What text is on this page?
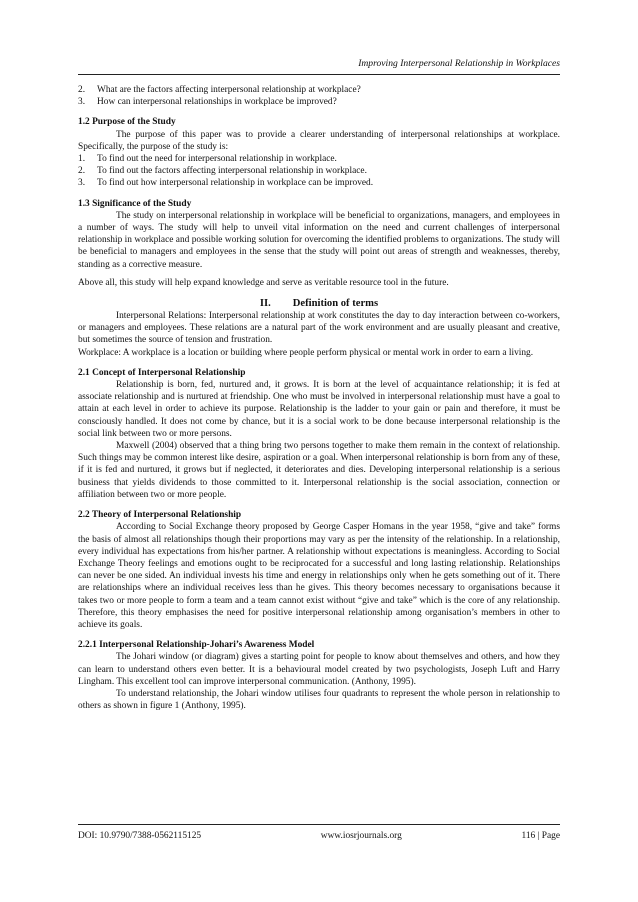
Improving Interpersonal Relationship in Workplaces
2. What are the factors affecting interpersonal relationship at workplace?
3. How can interpersonal relationships in workplace be improved?

1.2 Purpose of the Study

The purpose of this paper was to provide a clearer understanding of interpersonal relationships at workplace. Specifically, the purpose of the study is:

1. To find out the need for interpersonal relationship in workplace.
2. To find out the factors affecting interpersonal relationship in workplace.
3. To find out how interpersonal relationship in workplace can be improved.

1.3 Significance of the Study

The study on interpersonal relationship in workplace will be beneficial to organizations, managers, and employees in a number of ways. The study will help to unveil vital information on the need and current challenges of interpersonal relationship in workplace and possible working solution for overcoming the identified problems to organizations. The study will be beneficial to managers and employees in the sense that the study will point out areas of strength and weaknesses, thereby, standing as a corrective measure.

Above all, this study will help expand knowledge and serve as veritable resource tool in the future.

II. Definition of terms

Interpersonal Relations: Interpersonal relationship at work constitutes the day to day interaction between co-workers, or managers and employees. These relations are a natural part of the work environment and are usually pleasant and creative, but sometimes the source of tension and frustration.

Workplace: A workplace is a location or building where people perform physical or mental work in order to earn a living.

2.1 Concept of Interpersonal Relationship

Relationship is born, fed, nurtured and, it grows. It is born at the level of acquaintance relationship; it is fed at associate relationship and is nurtured at friendship. One who must be involved in interpersonal relationship must have a goal to attain at each level in order to achieve its purpose. Relationship is the ladder to your gain or pain and therefore, it must be consciously handled. It does not come by chance, but it is a social work to be done because interpersonal relationship is the social link between two or more persons.

Maxwell (2004) observed that a thing bring two persons together to make them remain in the context of relationship. Such things may be common interest like desire, aspiration or a goal. When interpersonal relationship is born from any of these, if it is fed and nurtured, it grows but if neglected, it deteriorates and dies. Developing interpersonal relationship is a serious business that yields dividends to those committed to it. Interpersonal relationship is the social association, connection or affiliation between two or more people.

2.2 Theory of Interpersonal Relationship

According to Social Exchange theory proposed by George Casper Homans in the year 1958, “give and take” forms the basis of almost all relationships though their proportions may vary as per the intensity of the relationship. In a relationship, every individual has expectations from his/her partner. A relationship without expectations is meaningless. According to Social Exchange Theory feelings and emotions ought to be reciprocated for a successful and long lasting relationship. Relationships can never be one sided. An individual invests his time and energy in relationships only when he gets something out of it. There are relationships where an individual receives less than he gives. This theory becomes necessary to organisations because it takes two or more people to form a team and a team cannot exist without “give and take” which is the core of any relationship. Therefore, this theory emphasises the need for positive interpersonal relationship among organisation’s members in other to achieve its goals.

2.2.1 Interpersonal Relationship-Johari’s Awareness Model

The Johari window (or diagram) gives a starting point for people to know about themselves and others, and how they can learn to understand others even better. It is a behavioural model created by two psychologists, Joseph Luft and Harry Lingham. This excellent tool can improve interpersonal communication. (Anthony, 1995).

To understand relationship, the Johari window utilises four quadrants to represent the whole person in relationship to others as shown in figure 1 (Anthony, 1995).

DOI: 10.9790/7388-0562115125	www.iosrjournals.org	116 | Page
